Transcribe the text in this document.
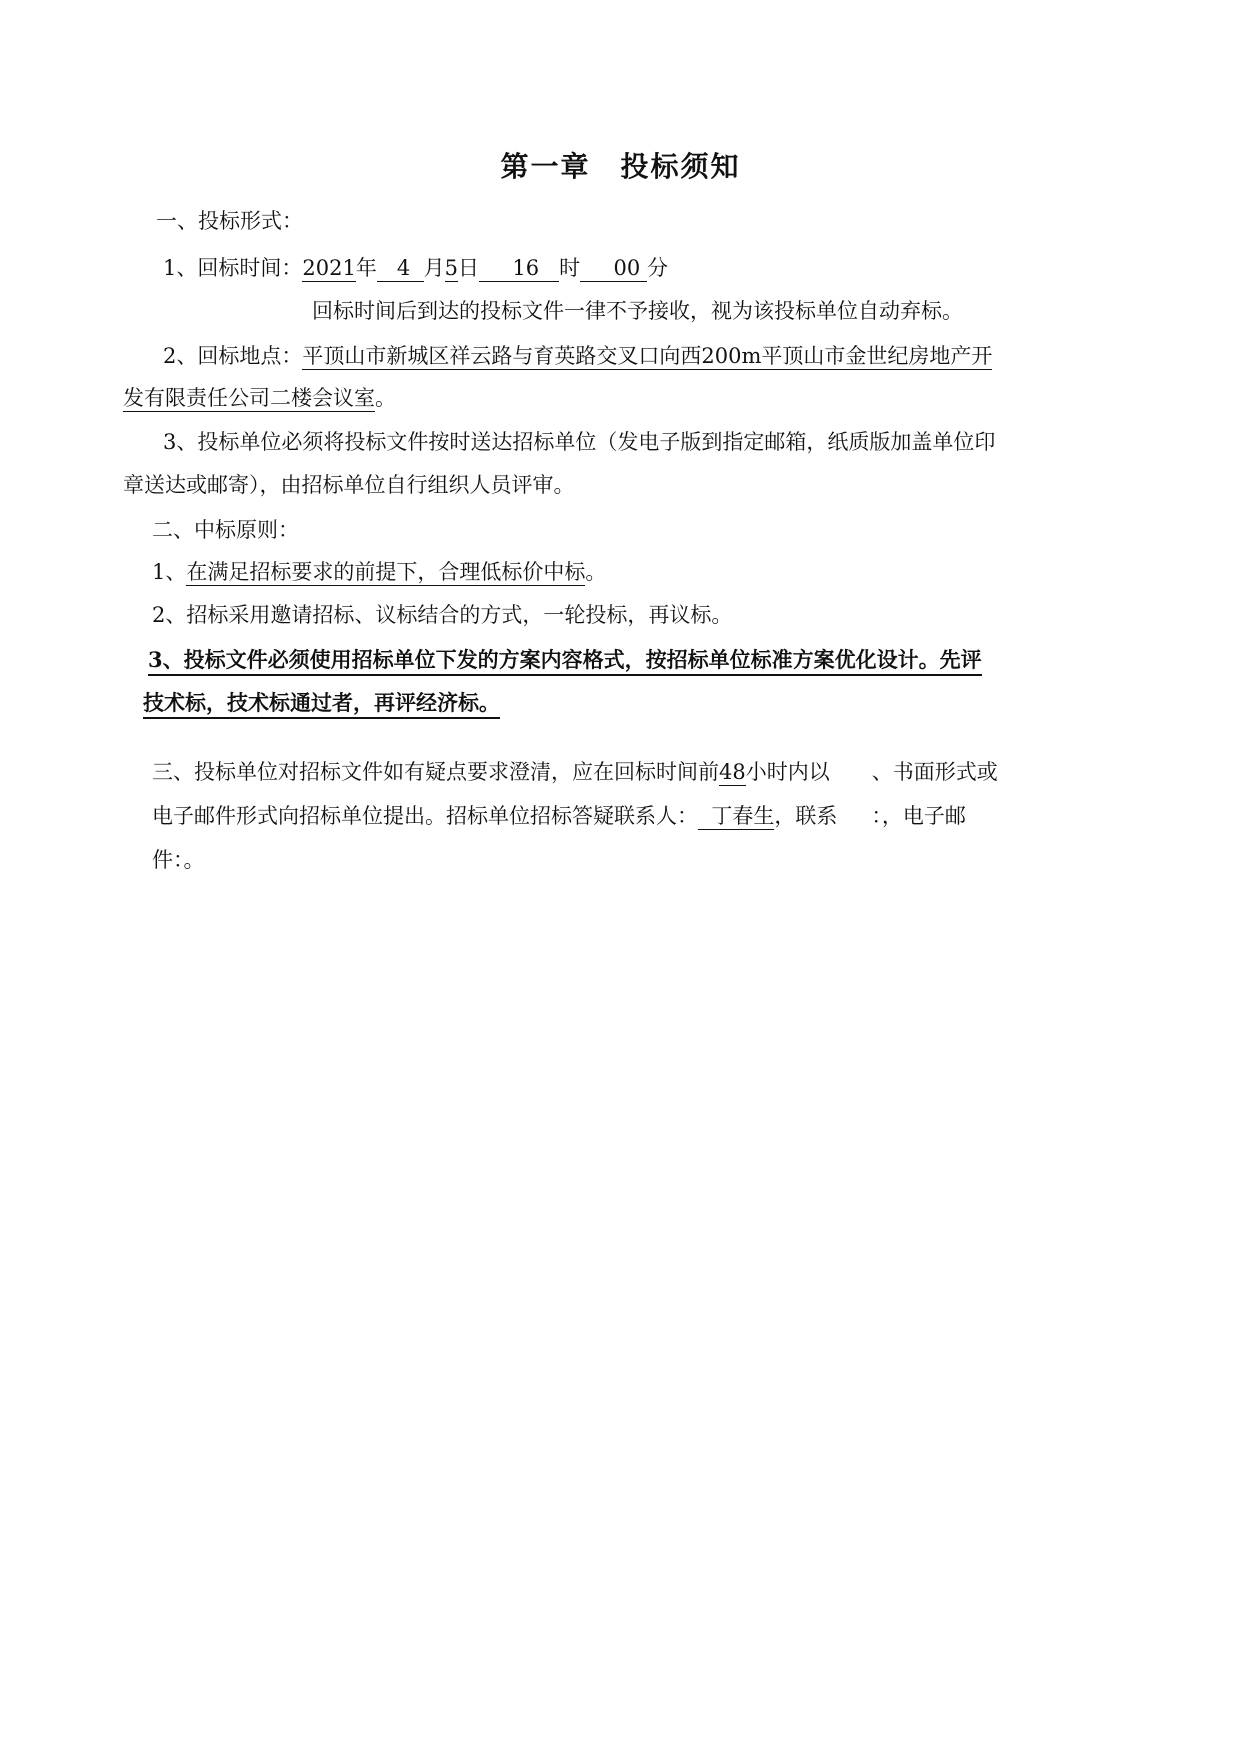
第一章　投标须知
一、投标形式：
1、回标时间：2021年 4 月5日 16 时 00 分
回标时间后到达的投标文件一律不予接收，视为该投标单位自动弃标。
2、回标地点：平顶山市新城区祥云路与育英路交叉口向西200m平顶山市金世纪房地产开
发有限责任公司二楼会议室。
3、投标单位必须将投标文件按时送达招标单位（发电子版到指定邮箱，纸质版加盖单位印
章送达或邮寄），由招标单位自行组织人员评审。
二、中标原则：
1、在满足招标要求的前提下，合理低标价中标。
2、招标采用邀请招标、议标结合的方式，一轮投标，再议标。
3、投标文件必须使用招标单位下发的方案内容格式，按招标单位标准方案优化设计。先评
技术标，技术标通过者，再评经济标。
三、投标单位对招标文件如有疑点要求澄清，应在回标时间前48小时内以 、书面形式或
电子邮件形式向招标单位提出。招标单位招标答疑联系人： 丁春生，联系 ：，电子邮
件：。
